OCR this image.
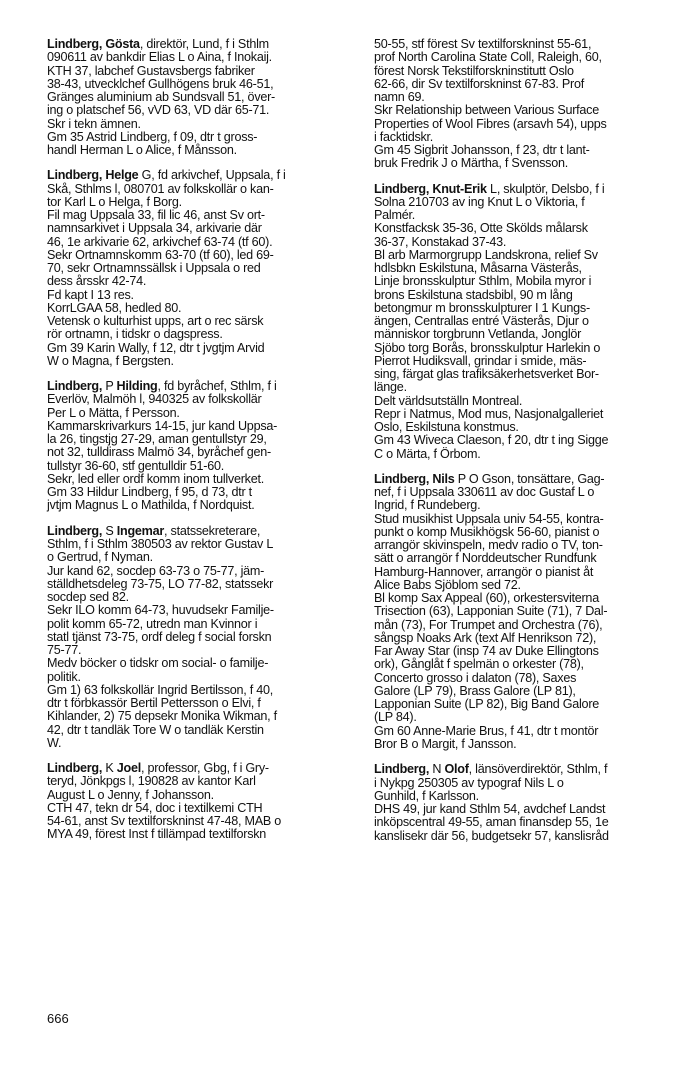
Lindberg, Gösta, direktör, Lund, f i Sthlm
090611 av bankdir Elias L o Aina, f Inokaij.
KTH 37, labchef Gustavsbergs fabriker
38-43, utvecklchef Gullhögens bruk 46-51,
Gränges aluminium ab Sundsvall 51, över-
ing o platschef 56, vVD 63, VD där 65-71.
Skr i tekn ämnen.
Gm 35 Astrid Lindberg, f 09, dtr t gross-
handl Herman L o Alice, f Månsson.
Lindberg, Helge G, fd arkivchef, Uppsala, f i
Skå, Sthlms l, 080701 av folkskollär o kan-
tor Karl L o Helga, f Borg.
Fil mag Uppsala 33, fil lic 46, anst Sv ort-
namnsarkivet i Uppsala 34, arkivarie där
46, 1e arkivarie 62, arkivchef 63-74 (tf 60).
Sekr Ortnamnskomm 63-70 (tf 60), led 69-
70, sekr Ortnamnssällsk i Uppsala o red
dess årsskr 42-74.
Fd kapt I 13 res.
KorrLGAA 58, hedled 80.
Vetensk o kulturhist upps, art o rec särsk
rör ortnamn, i tidskr o dagspress.
Gm 39 Karin Wally, f 12, dtr t jvgtjm Arvid
W o Magna, f Bergsten.
Lindberg, P Hilding, fd byråchef, Sthlm, f i
Everlöv, Malmöh l, 940325 av folkskollär
Per L o Mätta, f Persson.
Kammarskrivarkurs 14-15, jur kand Uppsa-
la 26, tingstjg 27-29, aman gentullstyr 29,
not 32, tulldirass Malmö 34, byråchef gen-
tullstyr 36-60, stf gentulldir 51-60.
Sekr, led eller ordf komm inom tullverket.
Gm 33 Hildur Lindberg, f 95, d 73, dtr t
jvtjm Magnus L o Mathilda, f Nordquist.
Lindberg, S Ingemar, statssekreterare,
Sthlm, f i Sthlm 380503 av rektor Gustav L
o Gertrud, f Nyman.
Jur kand 62, socdep 63-73 o 75-77, jäm-
ställdhetsdeleg 73-75, LO 77-82, statssekr
socdep sed 82.
Sekr ILO komm 64-73, huvudsekr Familje-
polit komm 65-72, utredn man Kvinnor i
statl tjänst 73-75, ordf deleg f social forskn
75-77.
Medv böcker o tidskr om social- o familje-
politik.
Gm 1) 63 folkskollär Ingrid Bertilsson, f 40,
dtr t förbkassör Bertil Pettersson o Elvi, f
Kihlander, 2) 75 depsekr Monika Wikman, f
42, dtr t tandläk Tore W o tandläk Kerstin
W.
Lindberg, K Joel, professor, Gbg, f i Gry-
teryd, Jönkpgs l, 190828 av kantor Karl
August L o Jenny, f Johansson.
CTH 47, tekn dr 54, doc i textilkemi CTH
54-61, anst Sv textilforskninst 47-48, MAB o
MYA 49, förest Inst f tillämpad textilforskn
50-55, stf förest Sv textilforskninst 55-61,
prof North Carolina State Coll, Raleigh, 60,
förest Norsk Tekstilforskninstitutt Oslo
62-66, dir Sv textilforskninst 67-83. Prof
namn 69.
Skr Relationship between Various Surface
Properties of Wool Fibres (arsavh 54), upps
i facktidskr.
Gm 45 Sigbrit Johansson, f 23, dtr t lant-
bruk Fredrik J o Märtha, f Svensson.
Lindberg, Knut-Erik L, skulptör, Delsbo, f i
Solna 210703 av ing Knut L o Viktoria, f
Palmér.
Konstfacksk 35-36, Otte Skölds målarsk
36-37, Konstakad 37-43.
Bl arb Marmorgrupp Landskrona, relief Sv
hdlsbkn Eskilstuna, Måsarna Västerås,
Linje bronsskulptur Sthlm, Mobila myror i
brons Eskilstuna stadsbibl, 90 m lång
betongmur m bronsskulpturer I 1 Kungs-
ängen, Centrallas entré Västerås, Djur o
människor torgbrunn Vetlanda, Jonglör
Sjöbo torg Borås, bronsskulptur Harlekin o
Pierrot Hudiksvall, grindar i smide, mäs-
sing, färgat glas trafiksäkerhetsverket Bor-
länge.
Delt världsutställn Montreal.
Repr i Natmus, Mod mus, Nasjonalgalleriet
Oslo, Eskilstuna konstmus.
Gm 43 Wiveca Claeson, f 20, dtr t ing Sigge
C o Märta, f Örbom.
Lindberg, Nils P O Gson, tonsättare, Gag-
nef, f i Uppsala 330611 av doc Gustaf L o
Ingrid, f Rundeberg.
Stud musikhist Uppsala univ 54-55, kontra-
punkt o komp Musikhögsk 56-60, pianist o
arrangör skivinspeln, medv radio o TV, ton-
sätt o arrangör f Norddeutscher Rundfunk
Hamburg-Hannover, arrangör o pianist åt
Alice Babs Sjöblom sed 72.
Bl komp Sax Appeal (60), orkestersviterna
Trisection (63), Lapponian Suite (71), 7 Dal-
mån (73), For Trumpet and Orchestra (76),
sångsp Noaks Ark (text Alf Henrikson 72),
Far Away Star (insp 74 av Duke Ellingtons
ork), Gånglåt f spelmän o orkester (78),
Concerto grosso i dalaton (78), Saxes
Galore (LP 79), Brass Galore (LP 81),
Lapponian Suite (LP 82), Big Band Galore
(LP 84).
Gm 60 Anne-Marie Brus, f 41, dtr t montör
Bror B o Margit, f Jansson.
Lindberg, N Olof, länsöverdirektör, Sthlm, f
i Nykpg 250305 av typograf Nils L o
Gunhild, f Karlsson.
DHS 49, jur kand Sthlm 54, avdchef Landst
inköpscentral 49-55, aman finansdep 55, 1e
kanslisekr där 56, budgetsekr 57, kanslisråd
666
